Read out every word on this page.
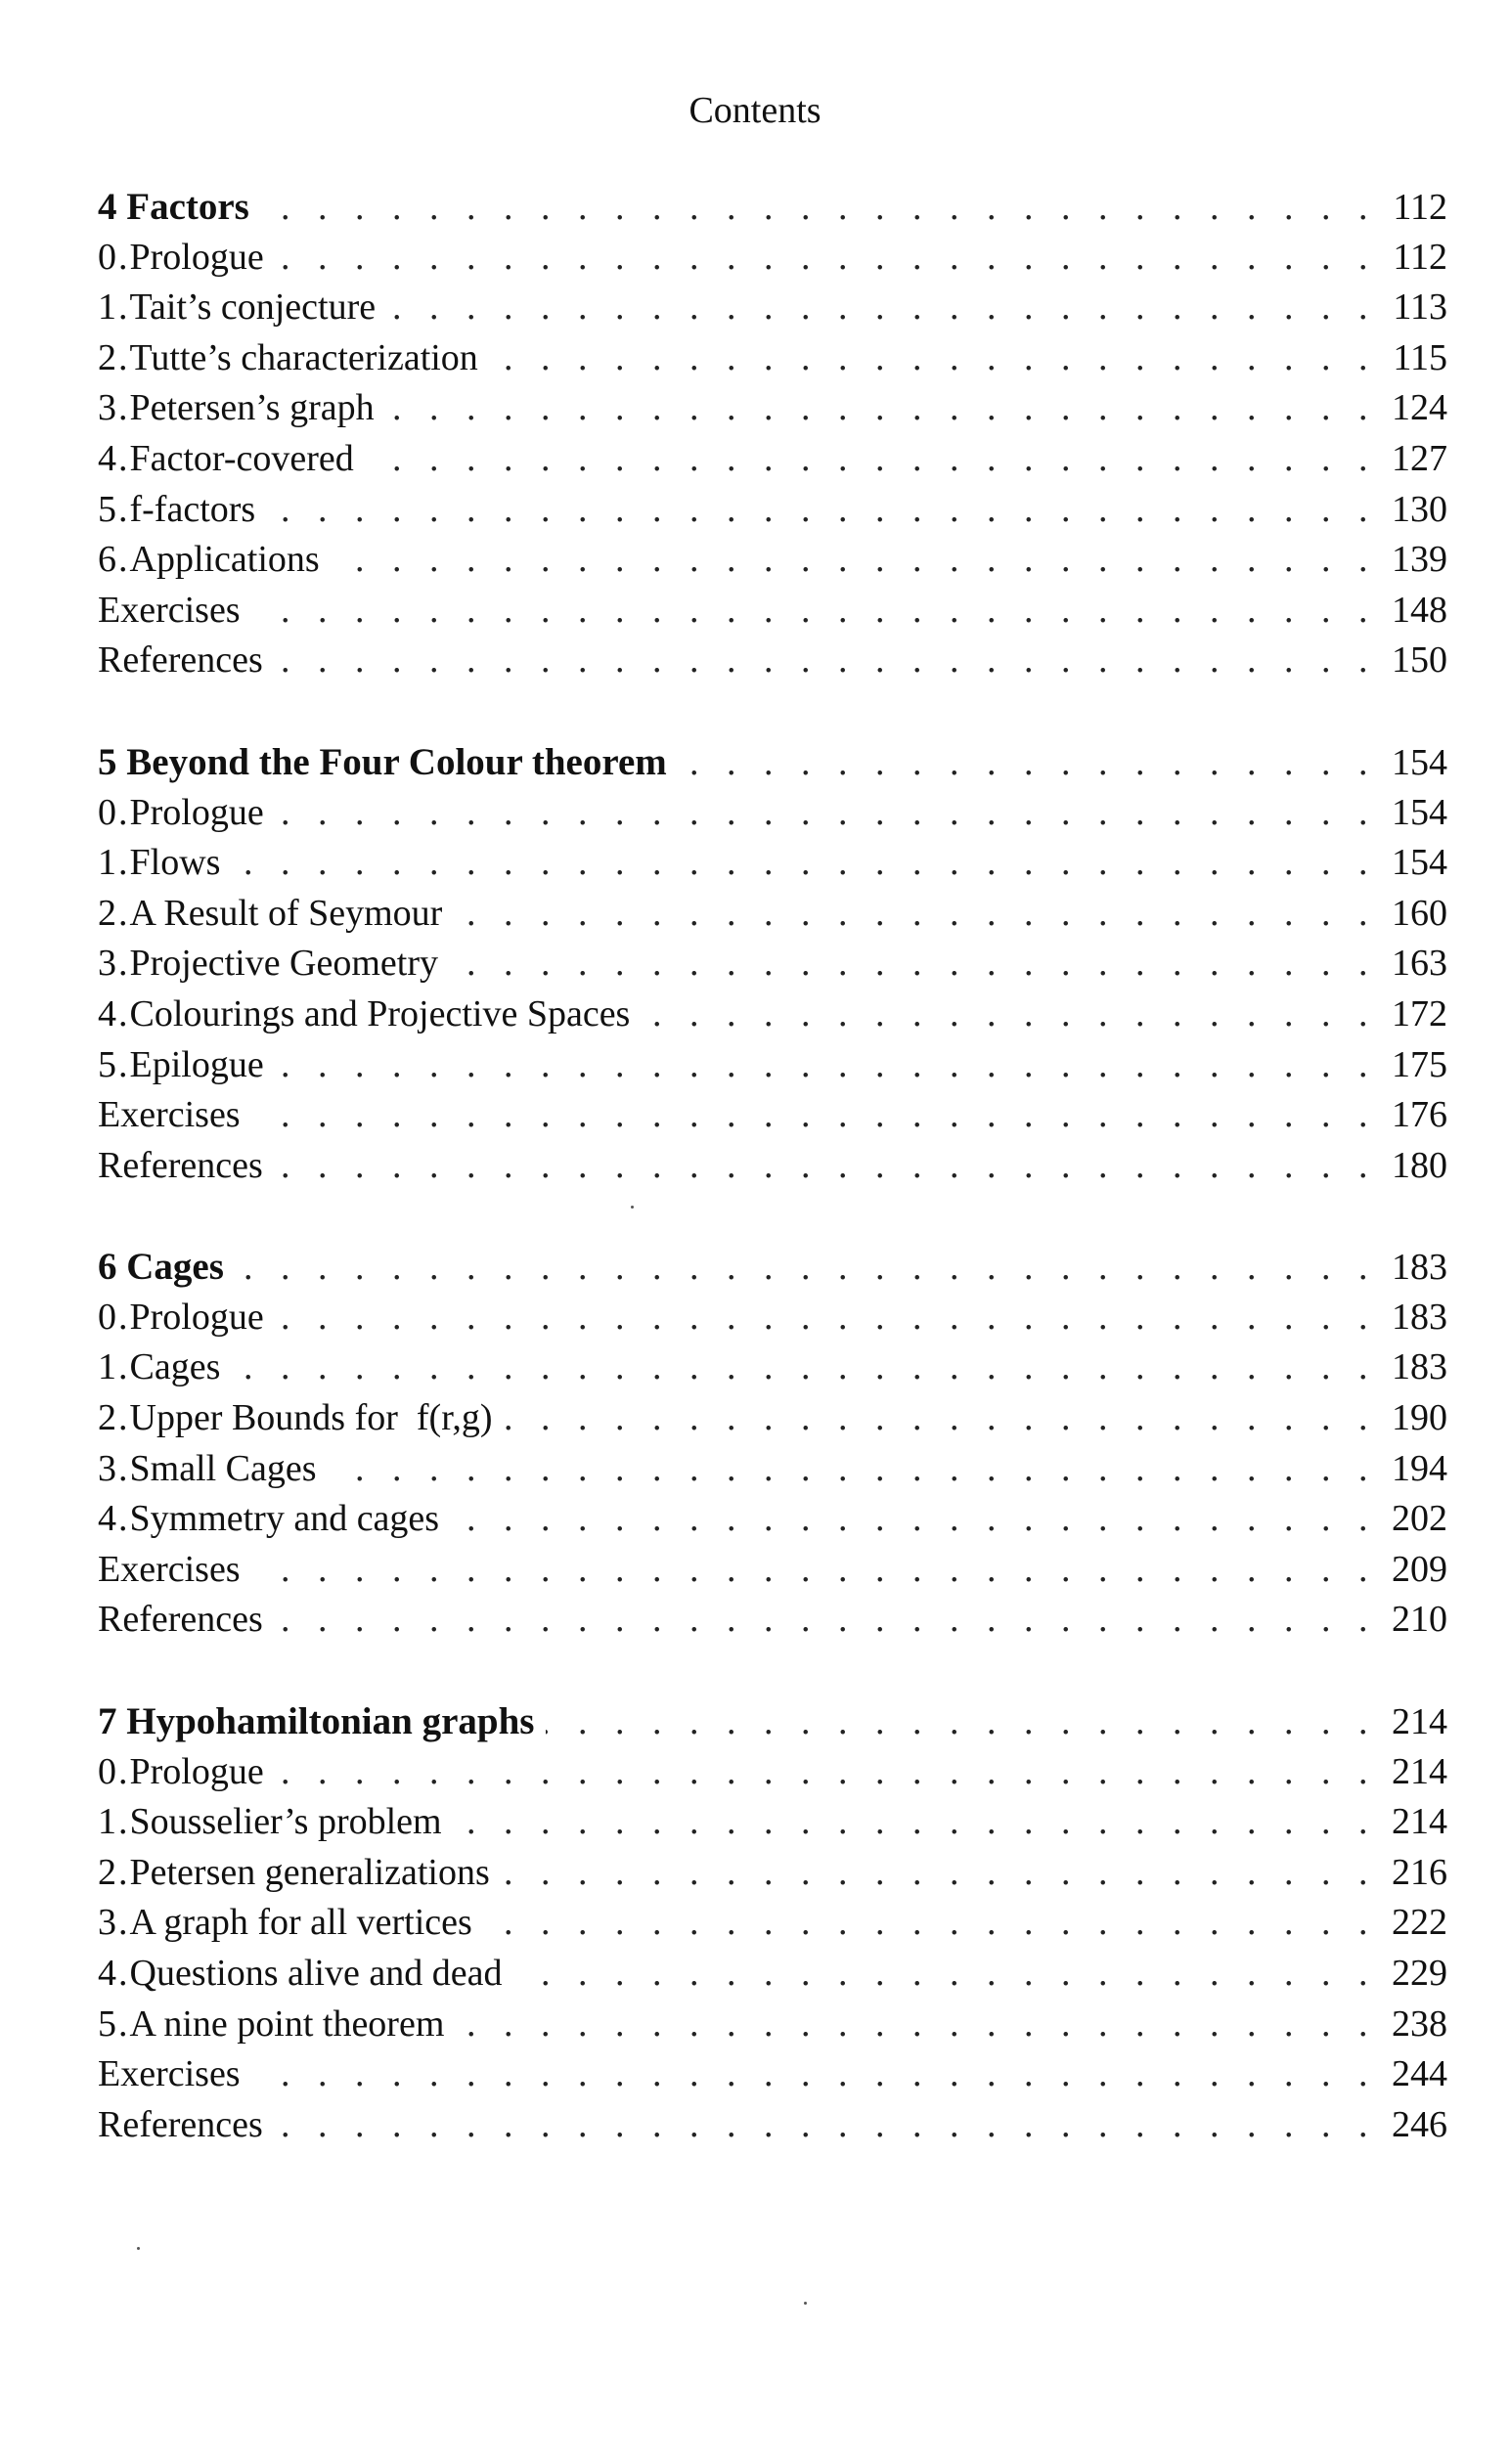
Contents
4 Factors . . .	112
0. Prologue . . .	112
1. Tait’s conjecture . . .	113
2. Tutte’s characterization . . .	115
3. Petersen’s graph . . .	124
4. Factor-covered . . .	127
5. f-factors . . .	130
6. Applications . . .	139
Exercises . . .	148
References . . .	150
5 Beyond the Four Colour theorem . . .	154
0. Prologue . . .	154
1. Flows . . .	154
2. A Result of Seymour . . .	160
3. Projective Geometry . . .	163
4. Colourings and Projective Spaces . . .	172
5. Epilogue . . .	175
Exercises . . .	176
References . . .	180
6 Cages . . .	183
0. Prologue . . .	183
1. Cages . . .	183
2. Upper Bounds for  f(r,g) . . .	190
3. Small Cages . . .	194
4. Symmetry and cages . . .	202
Exercises . . .	209
References . . .	210
7 Hypohamiltonian graphs . . .	214
0. Prologue . . .	214
1. Sousselier’s problem . . .	214
2. Petersen generalizations . . .	216
3. A graph for all vertices . . .	222
4. Questions alive and dead . . .	229
5. A nine point theorem . . .	238
Exercises . . .	244
References . . .	246
